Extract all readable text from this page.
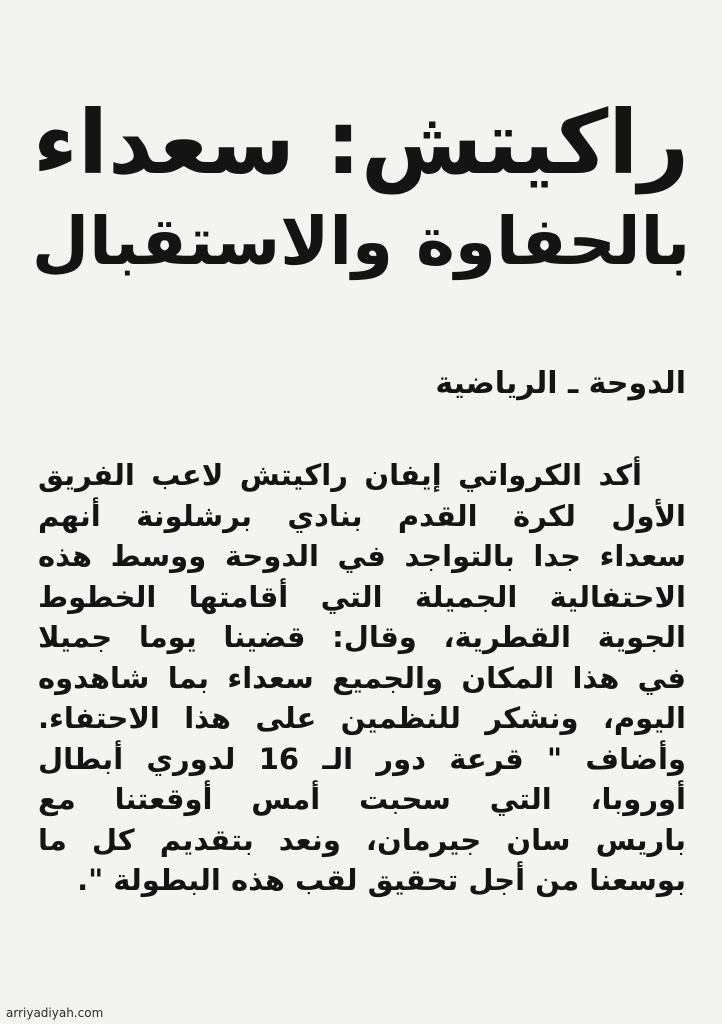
راكيتش: سعداء
بالحفاوة والاستقبال
الدوحة ـ الرياضية
أكد الكرواتي إيفان راكيتش لاعب الفريق
الأول لكرة القدم بنادي برشلونة أنهم
سعداء جدا بالتواجد في الدوحة ووسط هذه
الاحتفالية الجميلة التي أقامتها الخطوط
الجوية القطرية، وقال: قضينا يوما جميلا
في هذا المكان والجميع سعداء بما شاهدوه
اليوم، ونشكر للنظمين على هذا الاحتفاء.
وأضاف " قرعة دور الـ 16 لدوري أبطال
أوروبا، التي سحبت أمس أوقعتنا مع
باريس سان جيرمان، ونعد بتقديم كل ما
بوسعنا من أجل تحقيق لقب هذه البطولة ".
arriyadiyah.com
